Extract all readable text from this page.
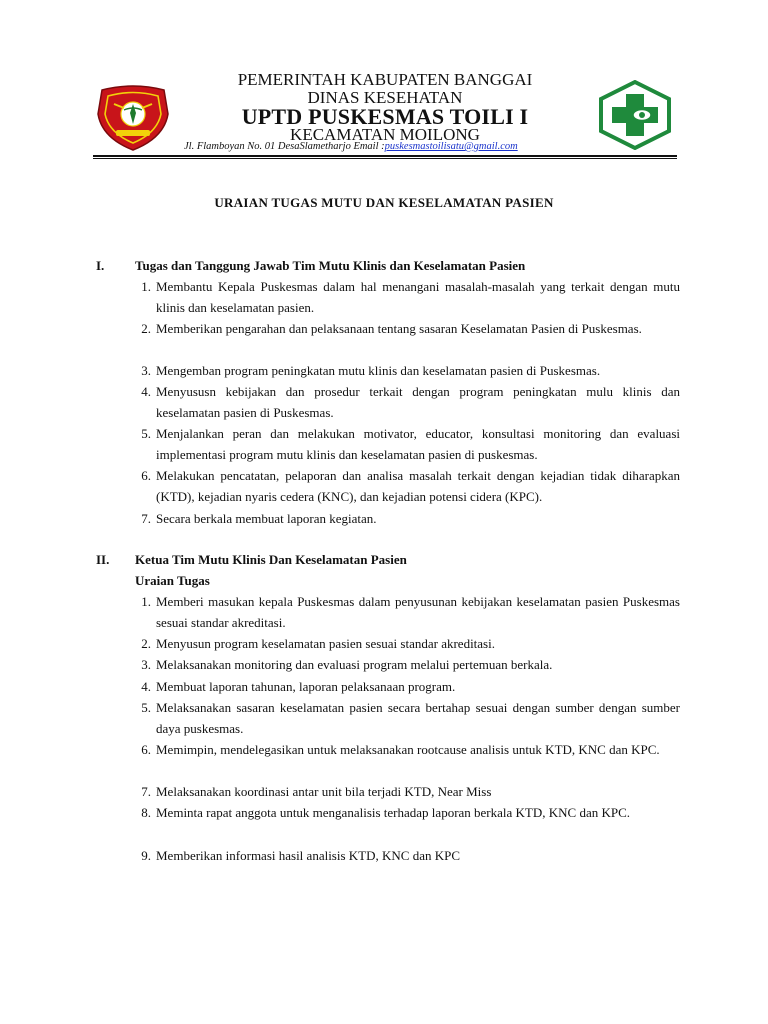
PEMERINTAH KABUPATEN BANGGAI
DINAS KESEHATAN
UPTD PUSKESMAS TOILI I
KECAMATAN MOILONG
Jl. Flamboyan No. 01 DesaSlametharjo Email :puskesmastoilisatu@gmail.com
URAIAN TUGAS MUTU DAN KESELAMATAN PASIEN
I. Tugas dan Tanggung Jawab Tim Mutu Klinis dan Keselamatan Pasien
1. Membantu Kepala Puskesmas dalam hal menangani masalah-masalah yang terkait dengan mutu klinis dan keselamatan pasien.
2. Memberikan pengarahan dan pelaksanaan tentang sasaran Keselamatan Pasien di Puskesmas.
3. Mengemban program peningkatan mutu klinis dan keselamatan pasien di Puskesmas.
4. Menyususn kebijakan dan prosedur terkait dengan program peningkatan mulu klinis dan keselamatan pasien di Puskesmas.
5. Menjalankan peran dan melakukan motivator, educator, konsultasi monitoring dan evaluasi implementasi program mutu klinis dan keselamatan pasien di puskesmas.
6. Melakukan pencatatan, pelaporan dan analisa masalah terkait dengan kejadian tidak diharapkan (KTD), kejadian nyaris cedera (KNC), dan kejadian potensi cidera (KPC).
7. Secara berkala membuat laporan kegiatan.
II. Ketua Tim Mutu Klinis Dan Keselamatan Pasien
Uraian Tugas
1. Memberi masukan kepala Puskesmas dalam penyusunan kebijakan keselamatan pasien Puskesmas sesuai standar akreditasi.
2. Menyusun program keselamatan pasien sesuai standar akreditasi.
3. Melaksanakan monitoring dan evaluasi program melalui pertemuan berkala.
4. Membuat laporan tahunan, laporan pelaksanaan program.
5. Melaksanakan sasaran keselamatan pasien secara bertahap sesuai dengan sumber dengan sumber daya puskesmas.
6. Memimpin, mendelegasikan untuk melaksanakan rootcause analisis untuk KTD, KNC dan KPC.
7. Melaksanakan koordinasi antar unit bila terjadi KTD, Near Miss
8. Meminta rapat anggota untuk menganalisis terhadap laporan berkala KTD, KNC dan KPC.
9. Memberikan informasi hasil analisis KTD, KNC dan KPC
